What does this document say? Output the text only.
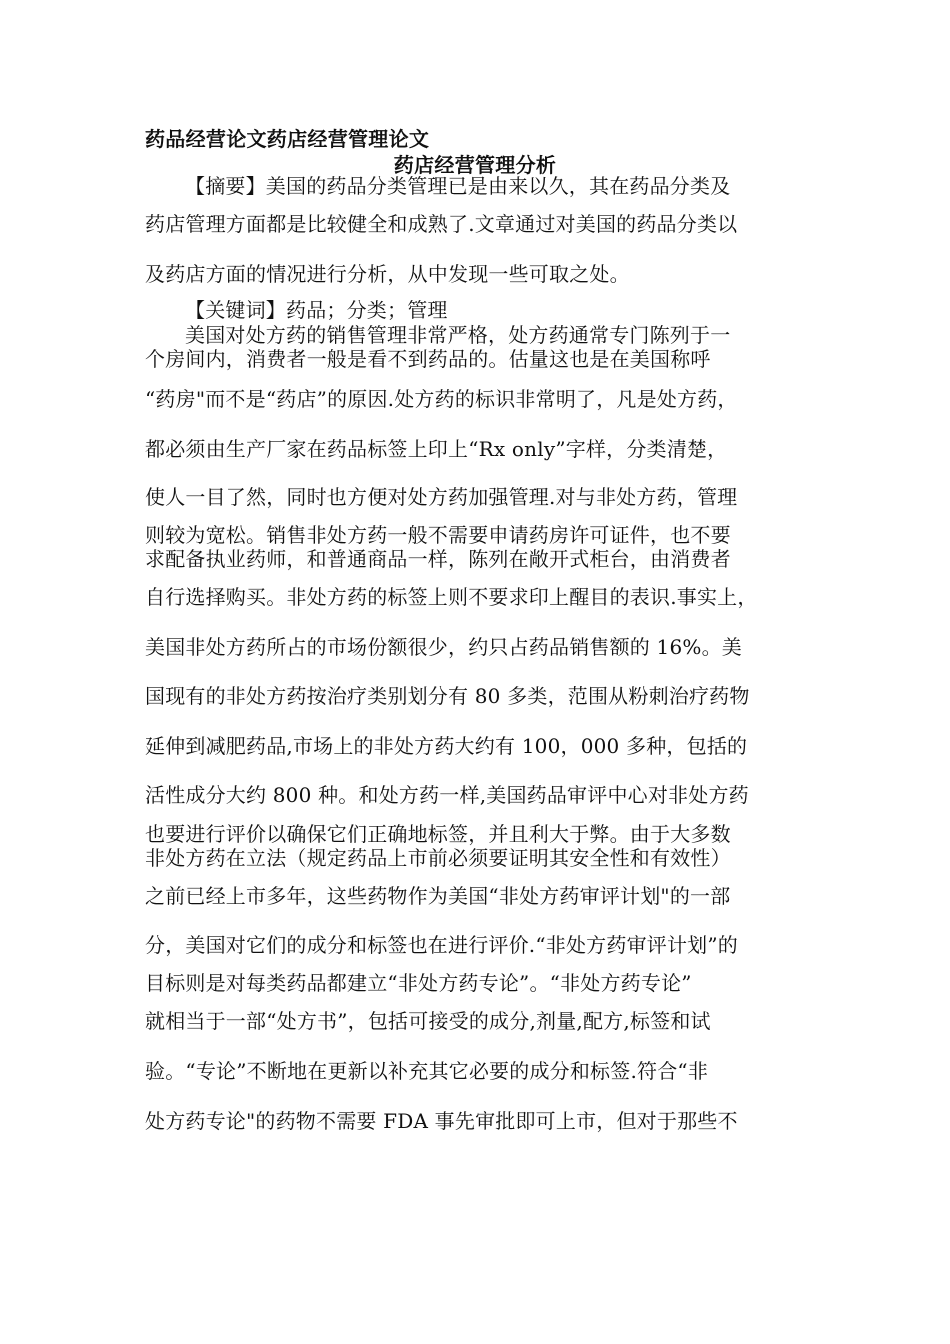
药品经营论文药店经营管理论文
药店经营管理分析
【摘要】美国的药品分类管理已是由来以久，其在药品分类及
药店管理方面都是比较健全和成熟了.文章通过对美国的药品分类以
及药店方面的情况进行分析，从中发现一些可取之处。
【关键词】药品；分类；管理
美国对处方药的销售管理非常严格，处方药通常专门陈列于一
个房间内，消费者一般是看不到药品的。估量这也是在美国称呼
“药房"而不是“药店”的原因.处方药的标识非常明了，凡是处方药，
都必须由生产厂家在药品标签上印上“Rx only”字样，分类清楚，
使人一目了然，同时也方便对处方药加强管理.对与非处方药，管理
则较为宽松。销售非处方药一般不需要申请药房许可证件，也不要
求配备执业药师，和普通商品一样，陈列在敞开式柜台，由消费者
自行选择购买。非处方药的标签上则不要求印上醒目的表识.事实上，
美国非处方药所占的市场份额很少，约只占药品销售额的 16%。美
国现有的非处方药按治疗类别划分有 80 多类，范围从粉刺治疗药物
延伸到减肥药品,市场上的非处方药大约有 100，000 多种，包括的
活性成分大约 800 种。和处方药一样,美国药品审评中心对非处方药
也要进行评价以确保它们正确地标签，并且利大于弊。由于大多数
非处方药在立法（规定药品上市前必须要证明其安全性和有效性）
之前已经上市多年，这些药物作为美国“非处方药审评计划"的一部
分，美国对它们的成分和标签也在进行评价.“非处方药审评计划”的
目标则是对每类药品都建立“非处方药专论”。“非处方药专论”
就相当于一部“处方书”，包括可接受的成分,剂量,配方,标签和试
验。“专论”不断地在更新以补充其它必要的成分和标签.符合“非
处方药专论"的药物不需要 FDA 事先审批即可上市，但对于那些不
